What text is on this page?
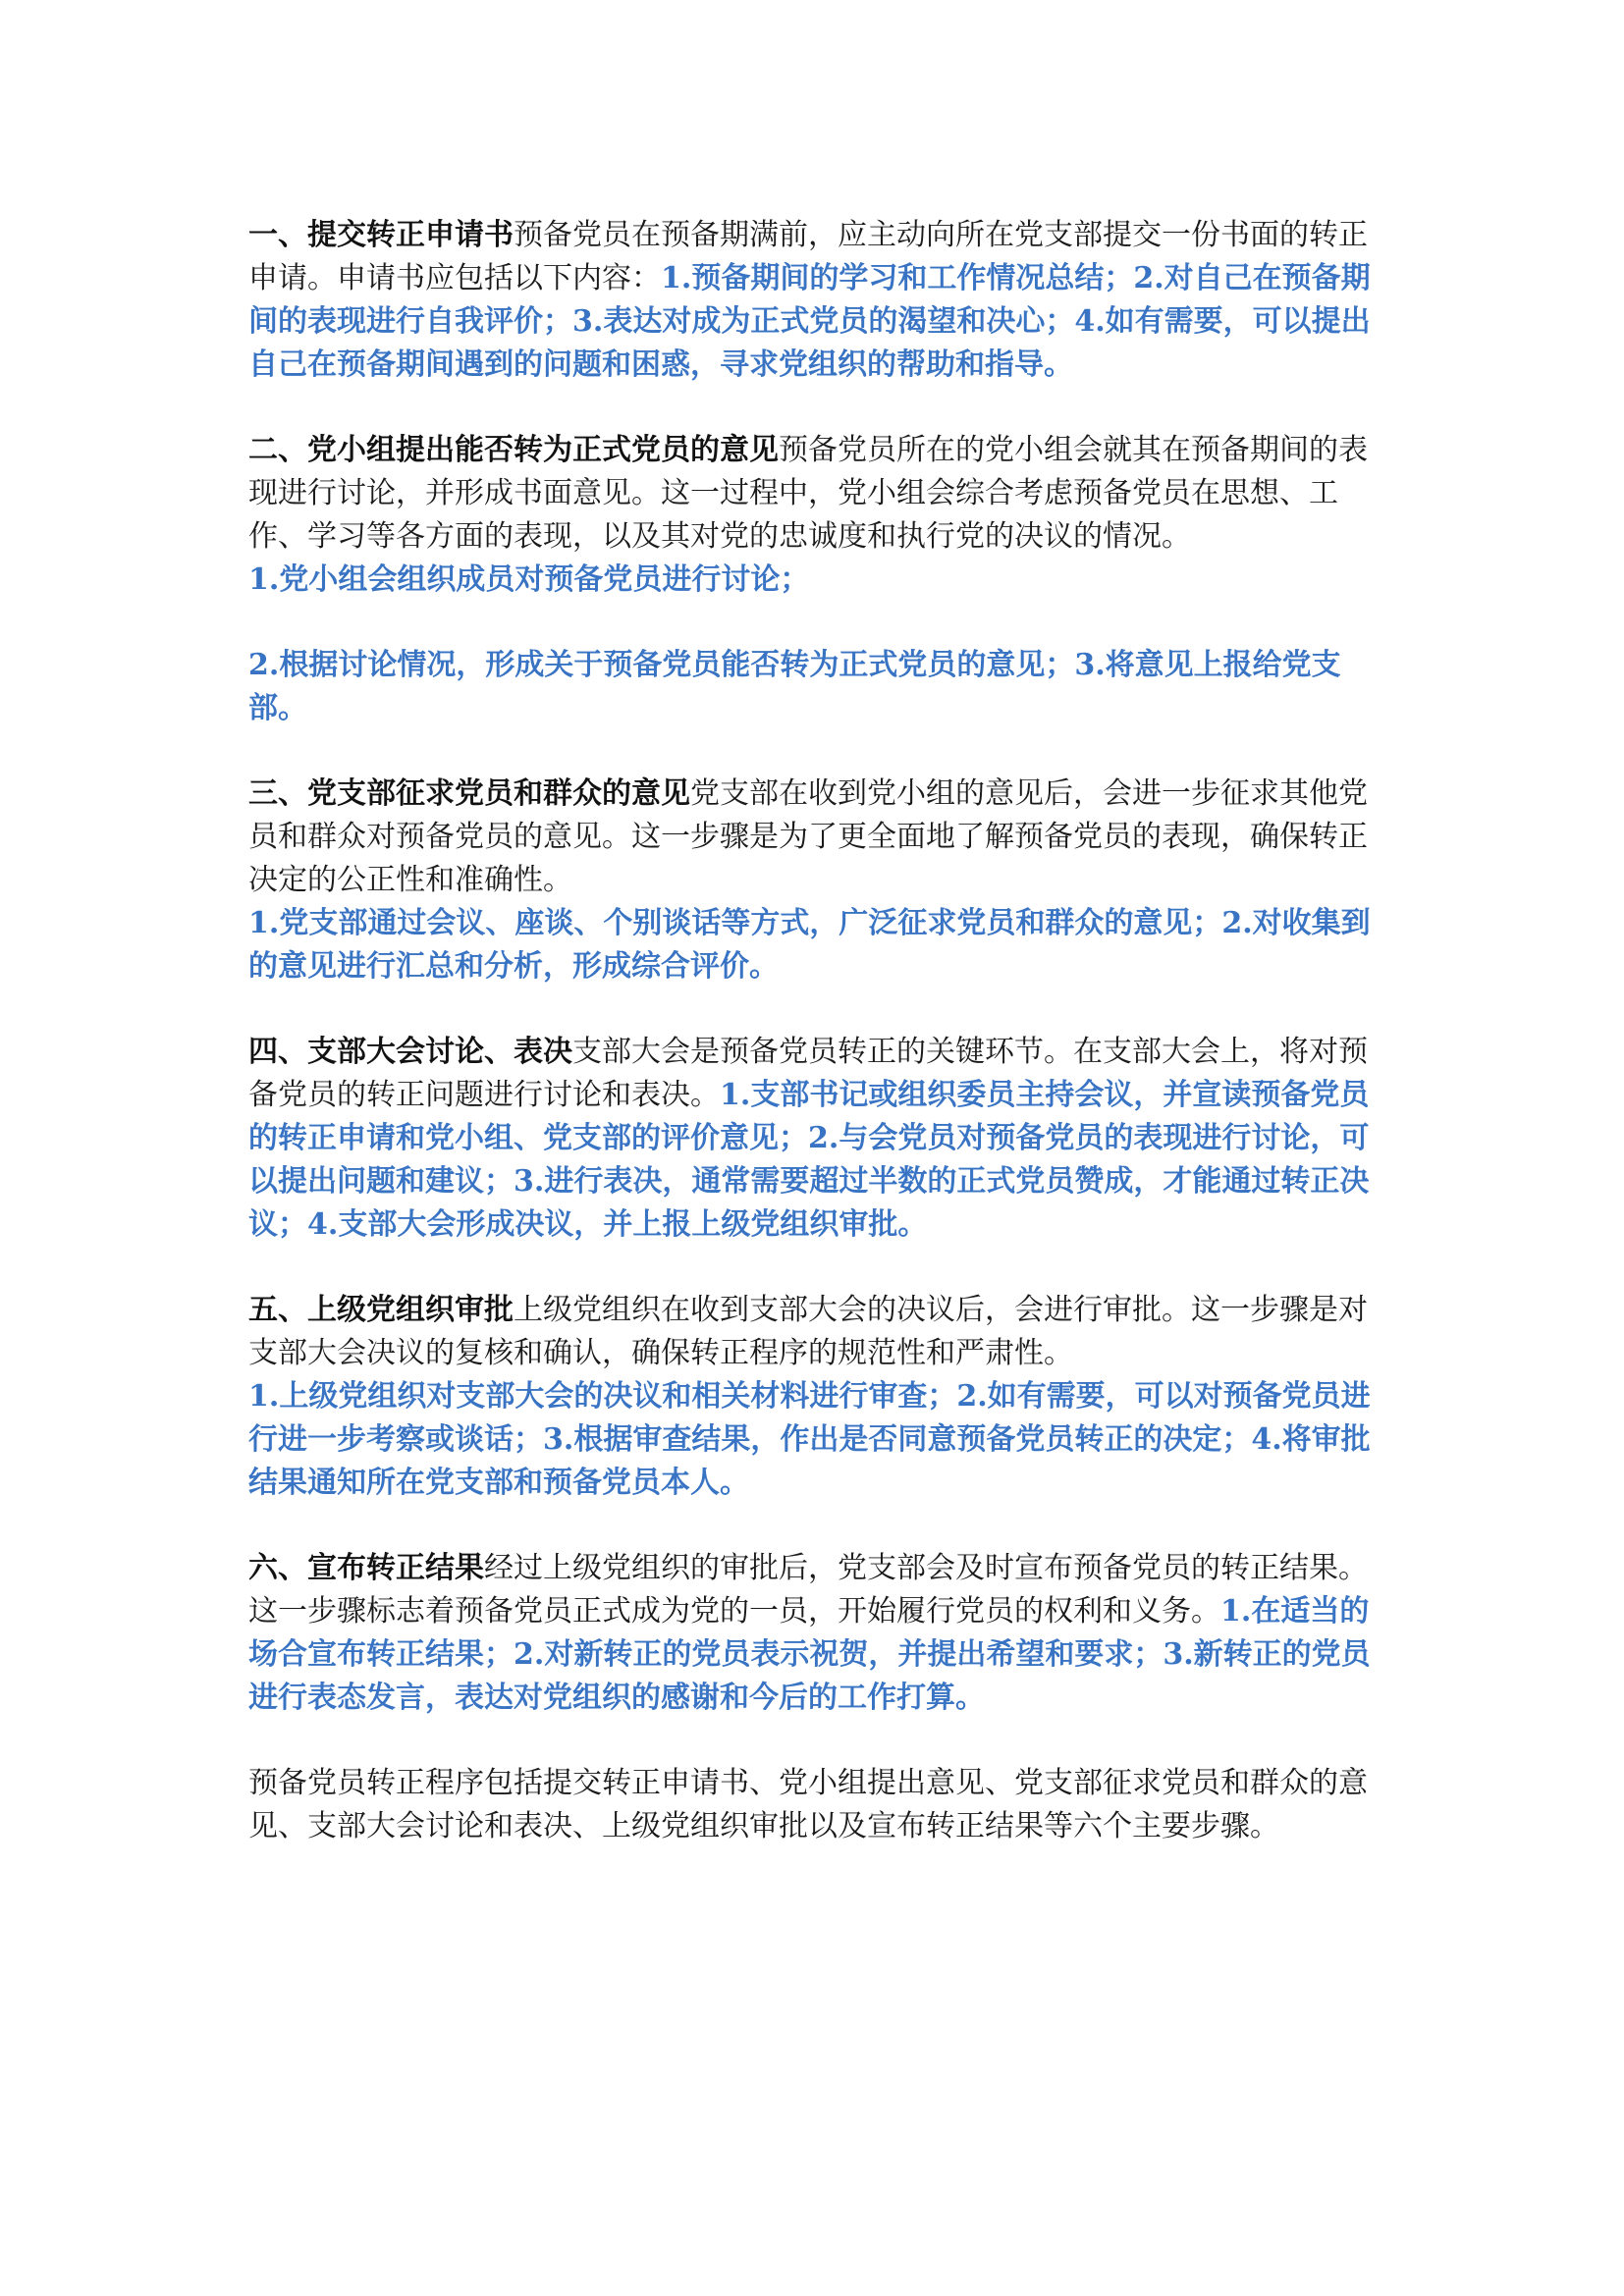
一、提交转正申请书预备党员在预备期满前，应主动向所在党支部提交一份书面的转正申请。申请书应包括以下内容：1.预备期间的学习和工作情况总结；2.对自己在预备期间的表现进行自我评价；3.表达对成为正式党员的渴望和决心；4.如有需要，可以提出自己在预备期间遇到的问题和困惑，寻求党组织的帮助和指导。

二、党小组提出能否转为正式党员的意见预备党员所在的党小组会就其在预备期间的表现进行讨论，并形成书面意见。这一过程中，党小组会综合考虑预备党员在思想、工作、学习等各方面的表现，以及其对党的忠诚度和执行党的决议的情况。
1.党小组会组织成员对预备党员进行讨论；

2.根据讨论情况，形成关于预备党员能否转为正式党员的意见；3.将意见上报给党支部。

三、党支部征求党员和群众的意见党支部在收到党小组的意见后，会进一步征求其他党员和群众对预备党员的意见。这一步骤是为了更全面地了解预备党员的表现，确保转正决定的公正性和准确性。
1.党支部通过会议、座谈、个别谈话等方式，广泛征求党员和群众的意见；2.对收集到的意见进行汇总和分析，形成综合评价。

四、支部大会讨论、表决支部大会是预备党员转正的关键环节。在支部大会上，将对预备党员的转正问题进行讨论和表决。1.支部书记或组织委员主持会议，并宣读预备党员的转正申请和党小组、党支部的评价意见；2.与会党员对预备党员的表现进行讨论，可以提出问题和建议；3.进行表决，通常需要超过半数的正式党员赞成，才能通过转正决议；4.支部大会形成决议，并上报上级党组织审批。

五、上级党组织审批上级党组织在收到支部大会的决议后，会进行审批。这一步骤是对支部大会决议的复核和确认，确保转正程序的规范性和严肃性。
1.上级党组织对支部大会的决议和相关材料进行审查；2.如有需要，可以对预备党员进行进一步考察或谈话；3.根据审查结果，作出是否同意预备党员转正的决定；4.将审批结果通知所在党支部和预备党员本人。

六、宣布转正结果经过上级党组织的审批后，党支部会及时宣布预备党员的转正结果。这一步骤标志着预备党员正式成为党的一员，开始履行党员的权利和义务。1.在适当的场合宣布转正结果；2.对新转正的党员表示祝贺，并提出希望和要求；3.新转正的党员进行表态发言，表达对党组织的感谢和今后的工作打算。

预备党员转正程序包括提交转正申请书、党小组提出意见、党支部征求党员和群众的意见、支部大会讨论和表决、上级党组织审批以及宣布转正结果等六个主要步骤。
